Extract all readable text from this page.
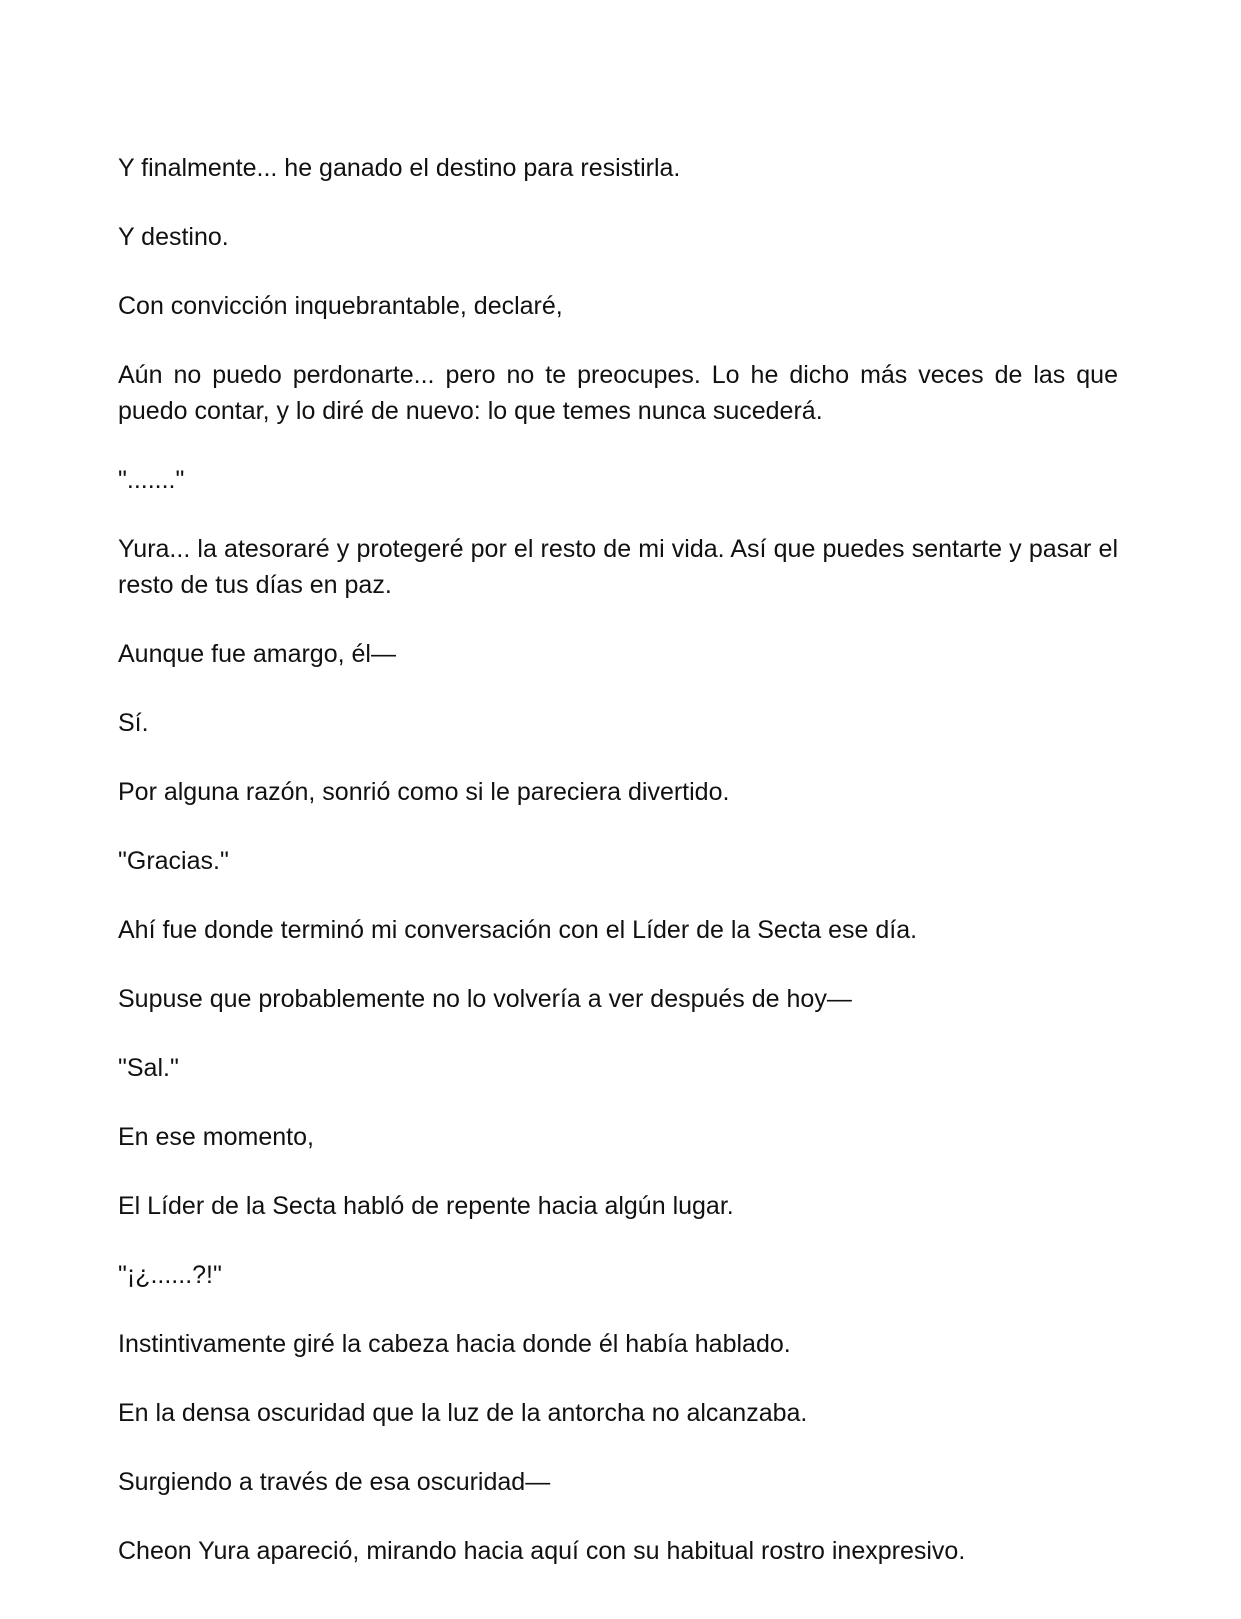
Y finalmente... he ganado el destino para resistirla.

Y destino.

Con convicción inquebrantable, declaré,

Aún no puedo perdonarte... pero no te preocupes. Lo he dicho más veces de las que puedo contar, y lo diré de nuevo: lo que temes nunca sucederá.

"......."

Yura... la atesoraré y protegeré por el resto de mi vida. Así que puedes sentarte y pasar el resto de tus días en paz.

Aunque fue amargo, él—

Sí.

Por alguna razón, sonrió como si le pareciera divertido.

"Gracias."

Ahí fue donde terminó mi conversación con el Líder de la Secta ese día.

Supuse que probablemente no lo volvería a ver después de hoy—

"Sal."

En ese momento,

El Líder de la Secta habló de repente hacia algún lugar.

"¡¿......?!"

Instintivamente giré la cabeza hacia donde él había hablado.

En la densa oscuridad que la luz de la antorcha no alcanzaba.

Surgiendo a través de esa oscuridad—

Cheon Yura apareció, mirando hacia aquí con su habitual rostro inexpresivo.
